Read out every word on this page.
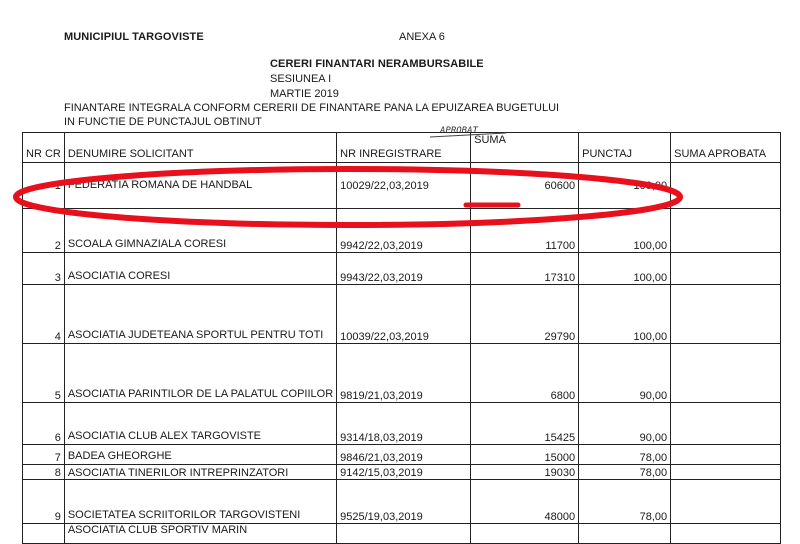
MUNICIPIUL TARGOVISTE	ANEXA 6
CERERI FINANTARI NERAMBURSABILE
SESIUNEA I
MARTIE 2019
FINANTARE INTEGRALA CONFORM CERERII DE FINANTARE PANA LA EPUIZAREA BUGETULUI
IN FUNCTIE DE PUNCTAJUL OBTINUT
APROBAT
NR CR	DENUMIRE SOLICITANT	NR INREGISTRARE	SUMA	PUNCTAJ	SUMA APROBATA
1	FEDERATIA ROMANA DE HANDBAL	10029/22,03,2019	60600	100,00	
2	SCOALA GIMNAZIALA CORESI	9942/22,03,2019	11700	100,00	
3	ASOCIATIA CORESI	9943/22,03,2019	17310	100,00	
4	ASOCIATIA JUDETEANA SPORTUL PENTRU TOTI	10039/22,03,2019	29790	100,00	
5	ASOCIATIA PARINTILOR DE LA PALATUL COPIILOR	9819/21,03,2019	6800	90,00	
6	ASOCIATIA CLUB ALEX TARGOVISTE	9314/18,03,2019	15425	90,00	
7	BADEA GHEORGHE	9846/21,03,2019	15000	78,00	
8	ASOCIATIA TINERILOR INTREPRINZATORI	9142/15,03,2019	19030	78,00	
9	SOCIETATEA SCRIITORILOR TARGOVISTENI	9525/19,03,2019	48000	78,00	
	ASOCIATIA CLUB SPORTIV MARIN				
